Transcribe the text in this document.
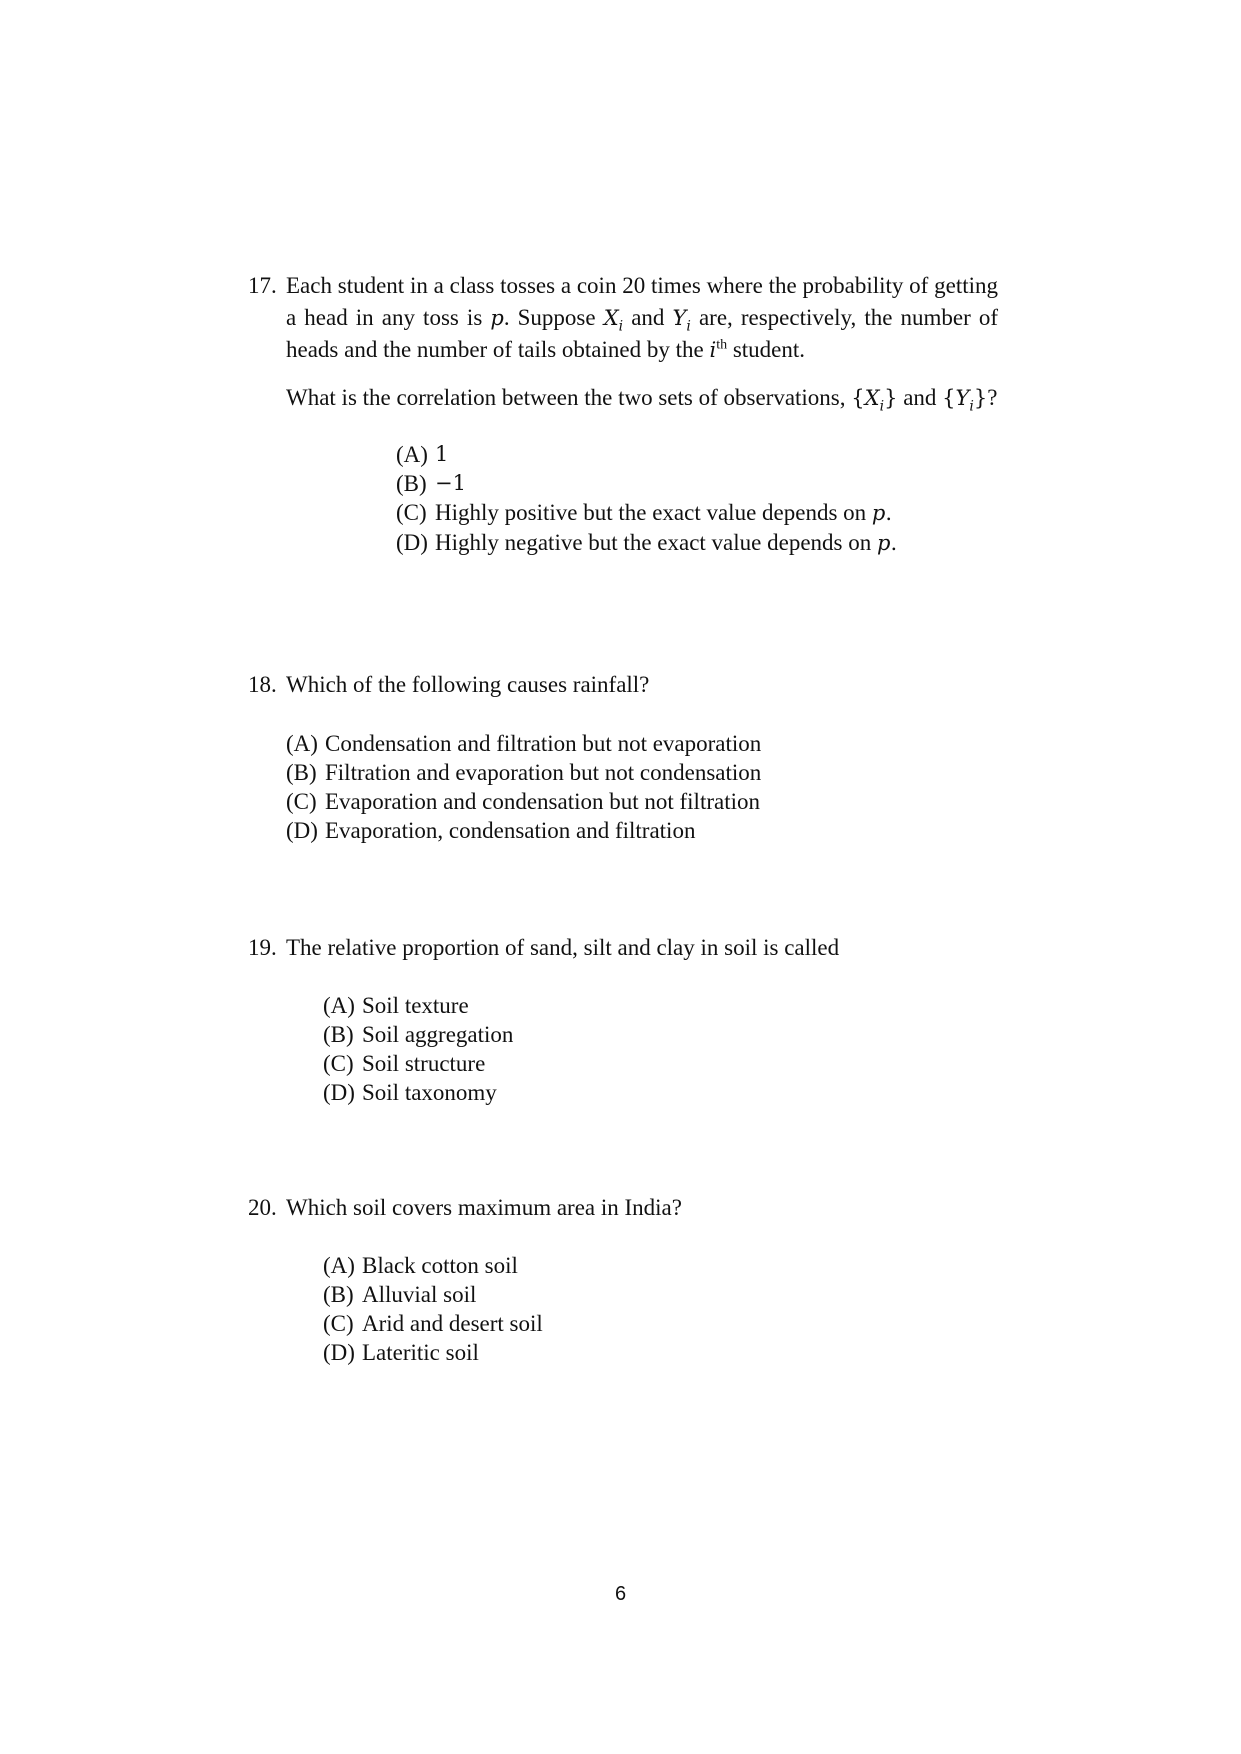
17. Each student in a class tosses a coin 20 times where the probability of getting a head in any toss is p. Suppose $X_i$ and $Y_i$ are, respectively, the number of heads and the number of tails obtained by the $i^{th}$ student.

What is the correlation between the two sets of observations, $\{X_i\}$ and $\{Y_i\}$?

(A) 1
(B) −1
(C) Highly positive but the exact value depends on p.
(D) Highly negative but the exact value depends on p.
18. Which of the following causes rainfall?

(A) Condensation and filtration but not evaporation
(B) Filtration and evaporation but not condensation
(C) Evaporation and condensation but not filtration
(D) Evaporation, condensation and filtration
19. The relative proportion of sand, silt and clay in soil is called

(A) Soil texture
(B) Soil aggregation
(C) Soil structure
(D) Soil taxonomy
20. Which soil covers maximum area in India?

(A) Black cotton soil
(B) Alluvial soil
(C) Arid and desert soil
(D) Lateritic soil
6
